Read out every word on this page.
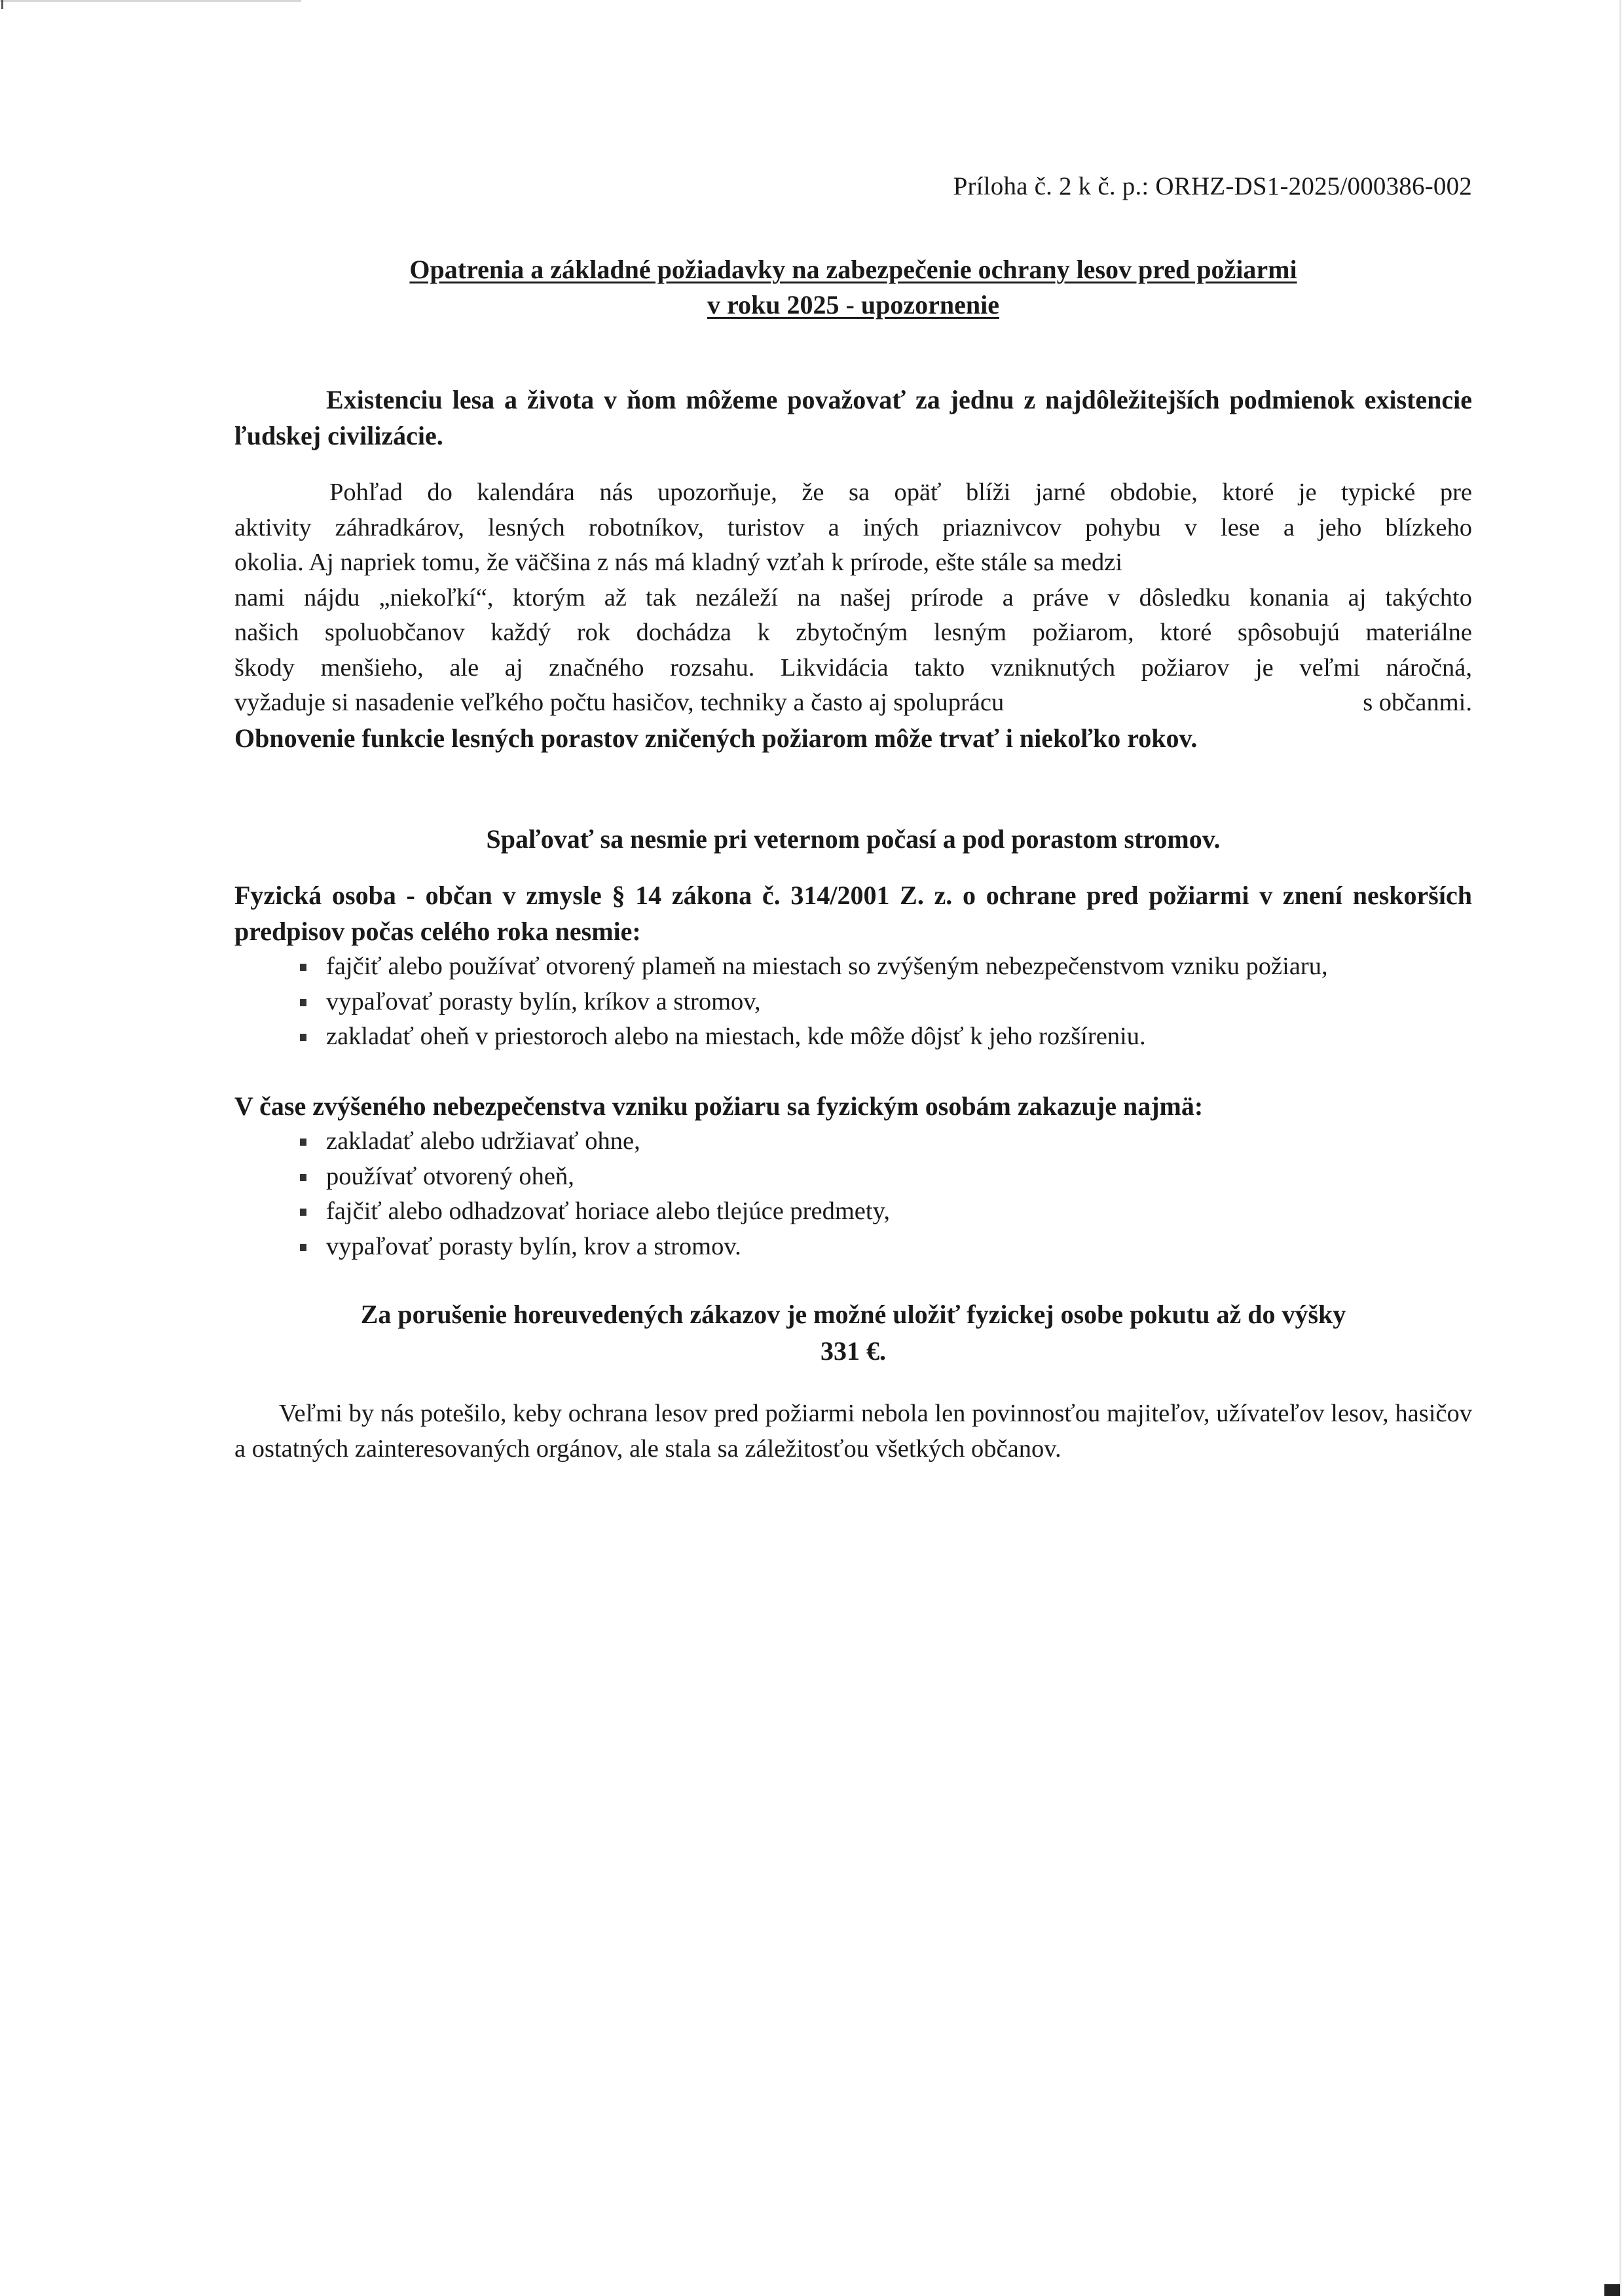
Príloha č. 2 k č. p.: ORHZ-DS1-2025/000386-002
Opatrenia a základné požiadavky na zabezpečenie ochrany lesov pred požiarmi
v roku 2025 - upozornenie

Existenciu lesa a života v ňom môžeme považovať za jednu z najdôležitejších podmienok existencie ľudskej civilizácie.

Pohľad do kalendára nás upozorňuje, že sa opäť blíži jarné obdobie, ktoré je typické pre
aktivity záhradkárov, lesných robotníkov, turistov a iných priaznivcov pohybu v lese a jeho blízkeho
okolia. Aj napriek tomu, že väčšina z nás má kladný vzťah k prírode, ešte stále sa medzi
nami nájdu „niekoľkí“, ktorým až tak nezáleží na našej prírode a práve v dôsledku konania aj takýchto
našich spoluobčanov každý rok dochádza k zbytočným lesným požiarom, ktoré spôsobujú materiálne
škody menšieho, ale aj značného rozsahu. Likvidácia takto vzniknutých požiarov je veľmi náročná,
vyžaduje si nasadenie veľkého počtu hasičov, techniky a často aj spoluprácu	s občanmi.
Obnovenie funkcie lesných porastov zničených požiarom môže trvať i niekoľko rokov.
Spaľovať sa nesmie pri veternom počasí a pod porastom stromov.

Fyzická osoba - občan v zmysle § 14 zákona č. 314/2001 Z. z. o ochrane pred požiarmi v znení neskorších predpisov počas celého roka nesmie:

fajčiť alebo používať otvorený plameň na miestach so zvýšeným nebezpečenstvom vzniku požiaru,
vypaľovať porasty bylín, kríkov a stromov,
zakladať oheň v priestoroch alebo na miestach, kde môže dôjsť k jeho rozšíreniu.
V čase zvýšeného nebezpečenstva vzniku požiaru sa fyzickým osobám zakazuje najmä:
zakladať alebo udržiavať ohne,
používať otvorený oheň,
fajčiť alebo odhadzovať horiace alebo tlejúce predmety,
vypaľovať porasty bylín, krov a stromov.
Za porušenie horeuvedených zákazov je možné uložiť fyzickej osobe pokutu až do výšky
331 €.

Veľmi by nás potešilo, keby ochrana lesov pred požiarmi nebola len povinnosťou majiteľov, užívateľov lesov, hasičov a ostatných zainteresovaných orgánov, ale stala sa záležitosťou všetkých občanov.
